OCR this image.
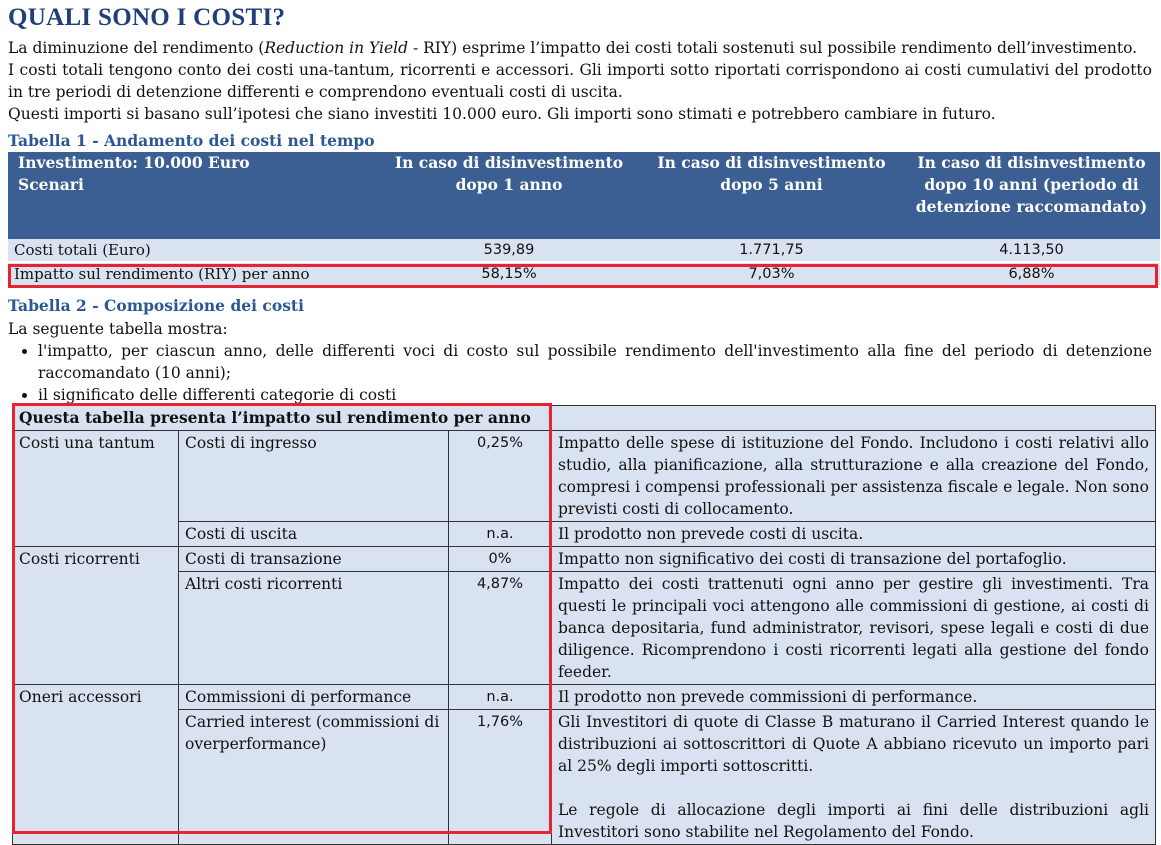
QUALI SONO I COSTI?

La diminuzione del rendimento (Reduction in Yield - RIY) esprime l’impatto dei costi totali sostenuti sul possibile rendimento dell’investimento.

I costi totali tengono conto dei costi una-tantum, ricorrenti e accessori. Gli importi sotto riportati corrispondono ai costi cumulativi del prodotto in tre periodi di detenzione differenti e comprendono eventuali costi di uscita.

Questi importi si basano sull’ipotesi che siano investiti 10.000 euro. Gli importi sono stimati e potrebbero cambiare in futuro.

Tabella 1 - Andamento dei costi nel tempo
Investimento: 10.000 Euro
Scenari	In caso di disinvestimento dopo 1 anno	In caso di disinvestimento dopo 5 anni	In caso di disinvestimento dopo 10 anni (periodo di detenzione raccomandato)
Costi totali (Euro)	539,89	1.771,75	4.113,50
Impatto sul rendimento (RIY) per anno	58,15%	7,03%	6,88%
Tabella 2 - Composizione dei costi
La seguente tabella mostra:
• l'impatto, per ciascun anno, delle differenti voci di costo sul possibile rendimento dell'investimento alla fine del periodo di detenzione raccomandato (10 anni);
• il significato delle differenti categorie di costi
Questa tabella presenta l’impatto sul rendimento per anno			
Costi una tantum	Costi di ingresso	0,25%	Impatto delle spese di istituzione del Fondo. Includono i costi relativi allo studio, alla pianificazione, alla strutturazione e alla creazione del Fondo, compresi i compensi professionali per assistenza fiscale e legale. Non sono previsti costi di collocamento.
	Costi di uscita	n.a.	Il prodotto non prevede costi di uscita.
Costi ricorrenti	Costi di transazione	0%	Impatto non significativo dei costi di transazione del portafoglio.
	Altri costi ricorrenti	4,87%	Impatto dei costi trattenuti ogni anno per gestire gli investimenti. Tra questi le principali voci attengono alle commissioni di gestione, ai costi di banca depositaria, fund administrator, revisori, spese legali e costi di due diligence. Ricomprendono i costi ricorrenti legati alla gestione del fondo feeder.
Oneri accessori	Commissioni di performance	n.a.	Il prodotto non prevede commissioni di performance.
	Carried interest (commissioni di overperformance)	1,76%	Gli Investitori di quote di Classe B maturano il Carried Interest quando le distribuzioni ai sottoscrittori di Quote A abbiano ricevuto un importo pari al 25% degli importi sottoscritti.
Le regole di allocazione degli importi ai fini delle distribuzioni agli Investitori sono stabilite nel Regolamento del Fondo.
